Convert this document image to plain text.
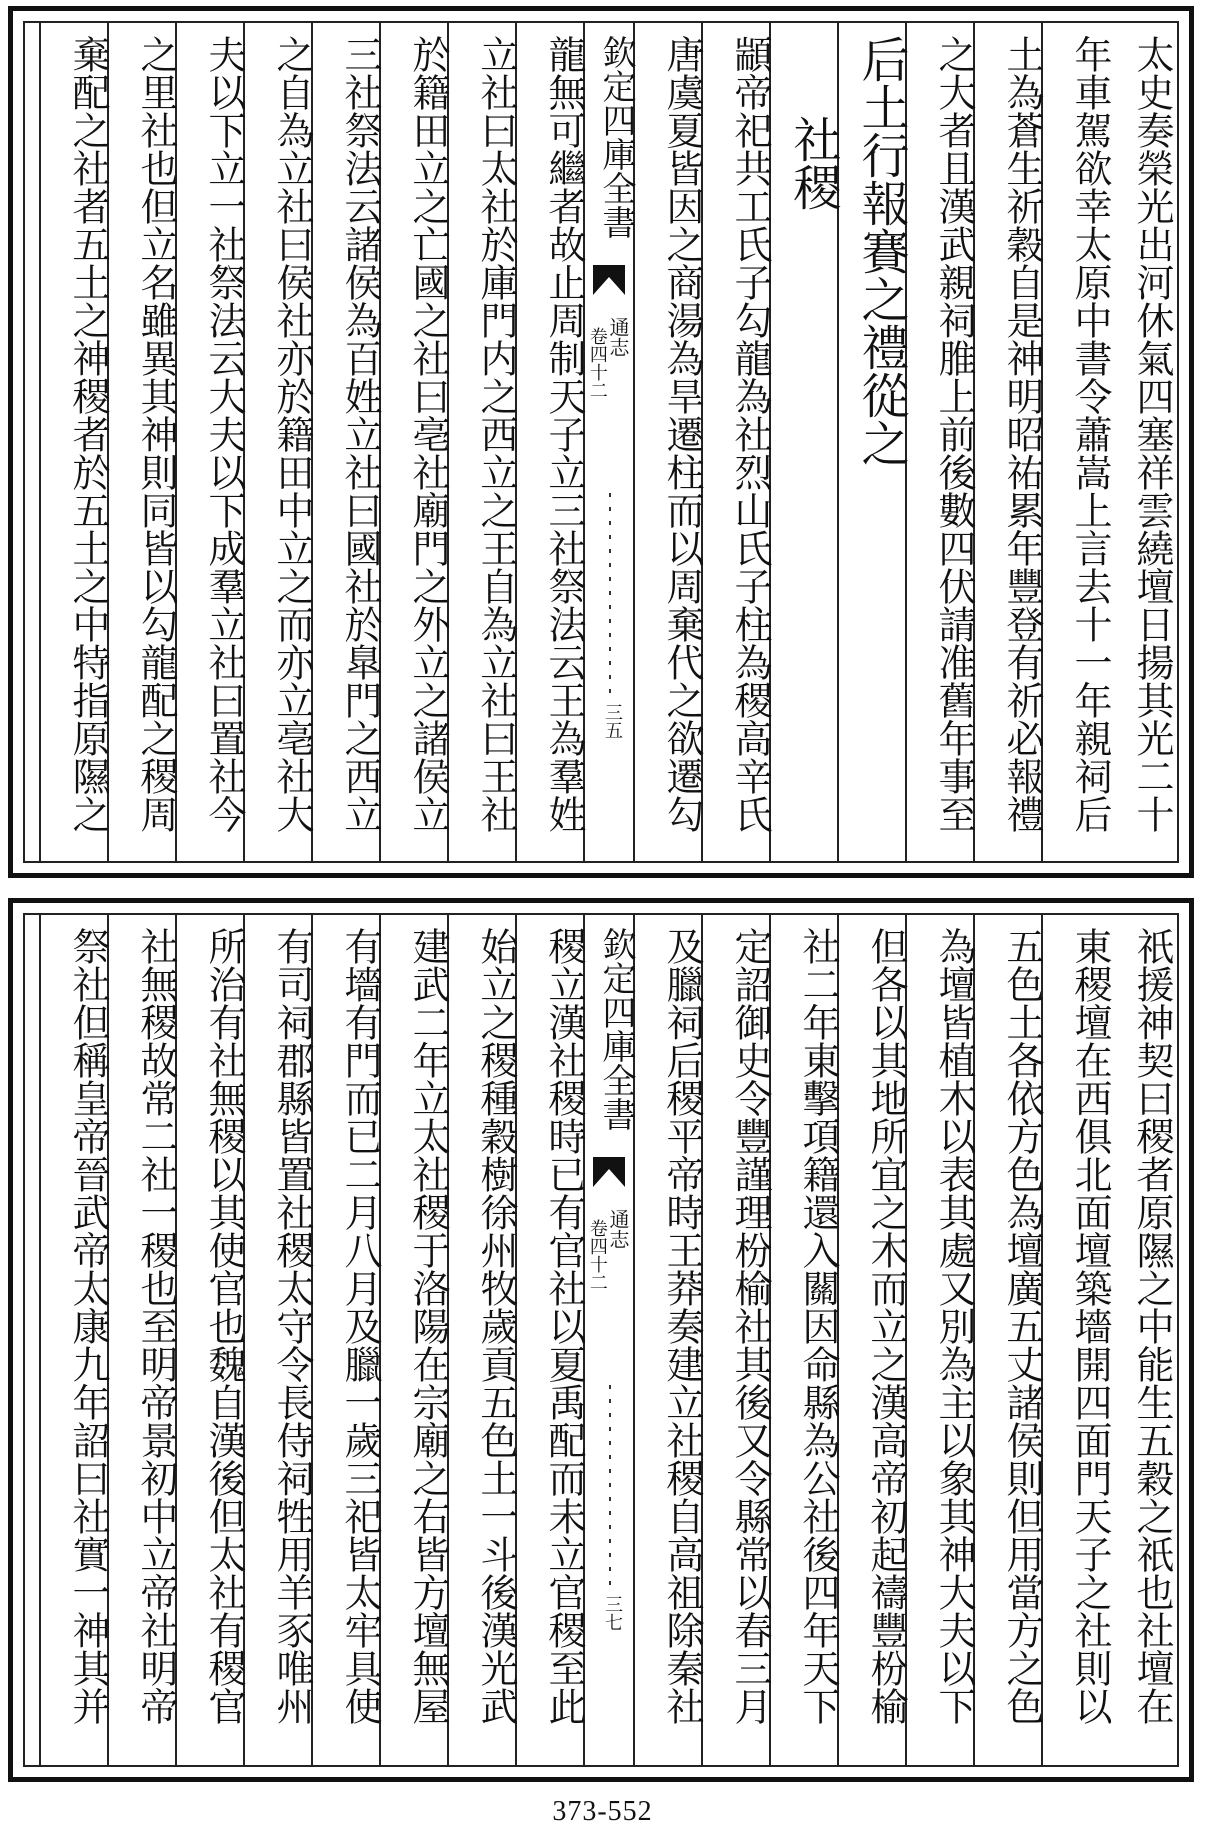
太史奏榮光出河休氣四塞祥雲繞壇日揚其光二十
年車駕欲幸太原中書令蕭嵩上言去十一年親祠后
土為蒼生祈穀自是神明昭祐累年豐登有祈必報禮
之大者且漢武親祠脽上前後數四伏請准舊年事至
后土行報賽之禮從之
社稷
顓帝祀共工氏子勾龍為社烈山氏子柱為稷高辛氏
唐虞夏皆因之商湯為旱遷柱而以周棄代之欲遷勾
欽定四庫全書
通志
卷四十二
三五
龍無可繼者故止周制天子立三社祭法云王為羣姓
立社曰太社於庫門内之西立之王自為立社曰王社
於籍田立之亡國之社曰亳社廟門之外立之諸侯立
三社祭法云諸侯為百姓立社曰國社於臯門之西立
之自為立社曰侯社亦於籍田中立之而亦立亳社大
夫以下立一社祭法云大夫以下成羣立社曰置社今
之里社也但立名雖異其神則同皆以勾龍配之稷周
棄配之社者五土之神稷者於五土之中特指原隰之
祇援神契曰稷者原隰之中能生五穀之祇也社壇在
東稷壇在西俱北面壇築墻開四面門天子之社則以
五色土各依方色為壇廣五丈諸侯則但用當方之色
為壇皆植木以表其處又別為主以象其神大夫以下
但各以其地所宜之木而立之漢高帝初起禱豐枌榆
社二年東擊項籍還入關因命縣為公社後四年天下
定詔御史令豐謹理枌榆社其後又令縣常以春三月
及臘祠后稷平帝時王莽奏建立社稷自高祖除秦社
欽定四庫全書
通志
卷四十二
三七
稷立漢社稷時已有官社以夏禹配而未立官稷至此
始立之稷種穀樹徐州牧歲貢五色土一斗後漢光武
建武二年立太社稷于洛陽在宗廟之右皆方壇無屋
有墻有門而已二月八月及臘一歲三祀皆太牢具使
有司祠郡縣皆置社稷太守令長侍祠牲用羊豕唯州
所治有社無稷以其使官也魏自漢後但太社有稷官
社無稷故常二社一稷也至明帝景初中立帝社明帝
祭社但稱皇帝晉武帝太康九年詔曰社實一神其并
373-552
